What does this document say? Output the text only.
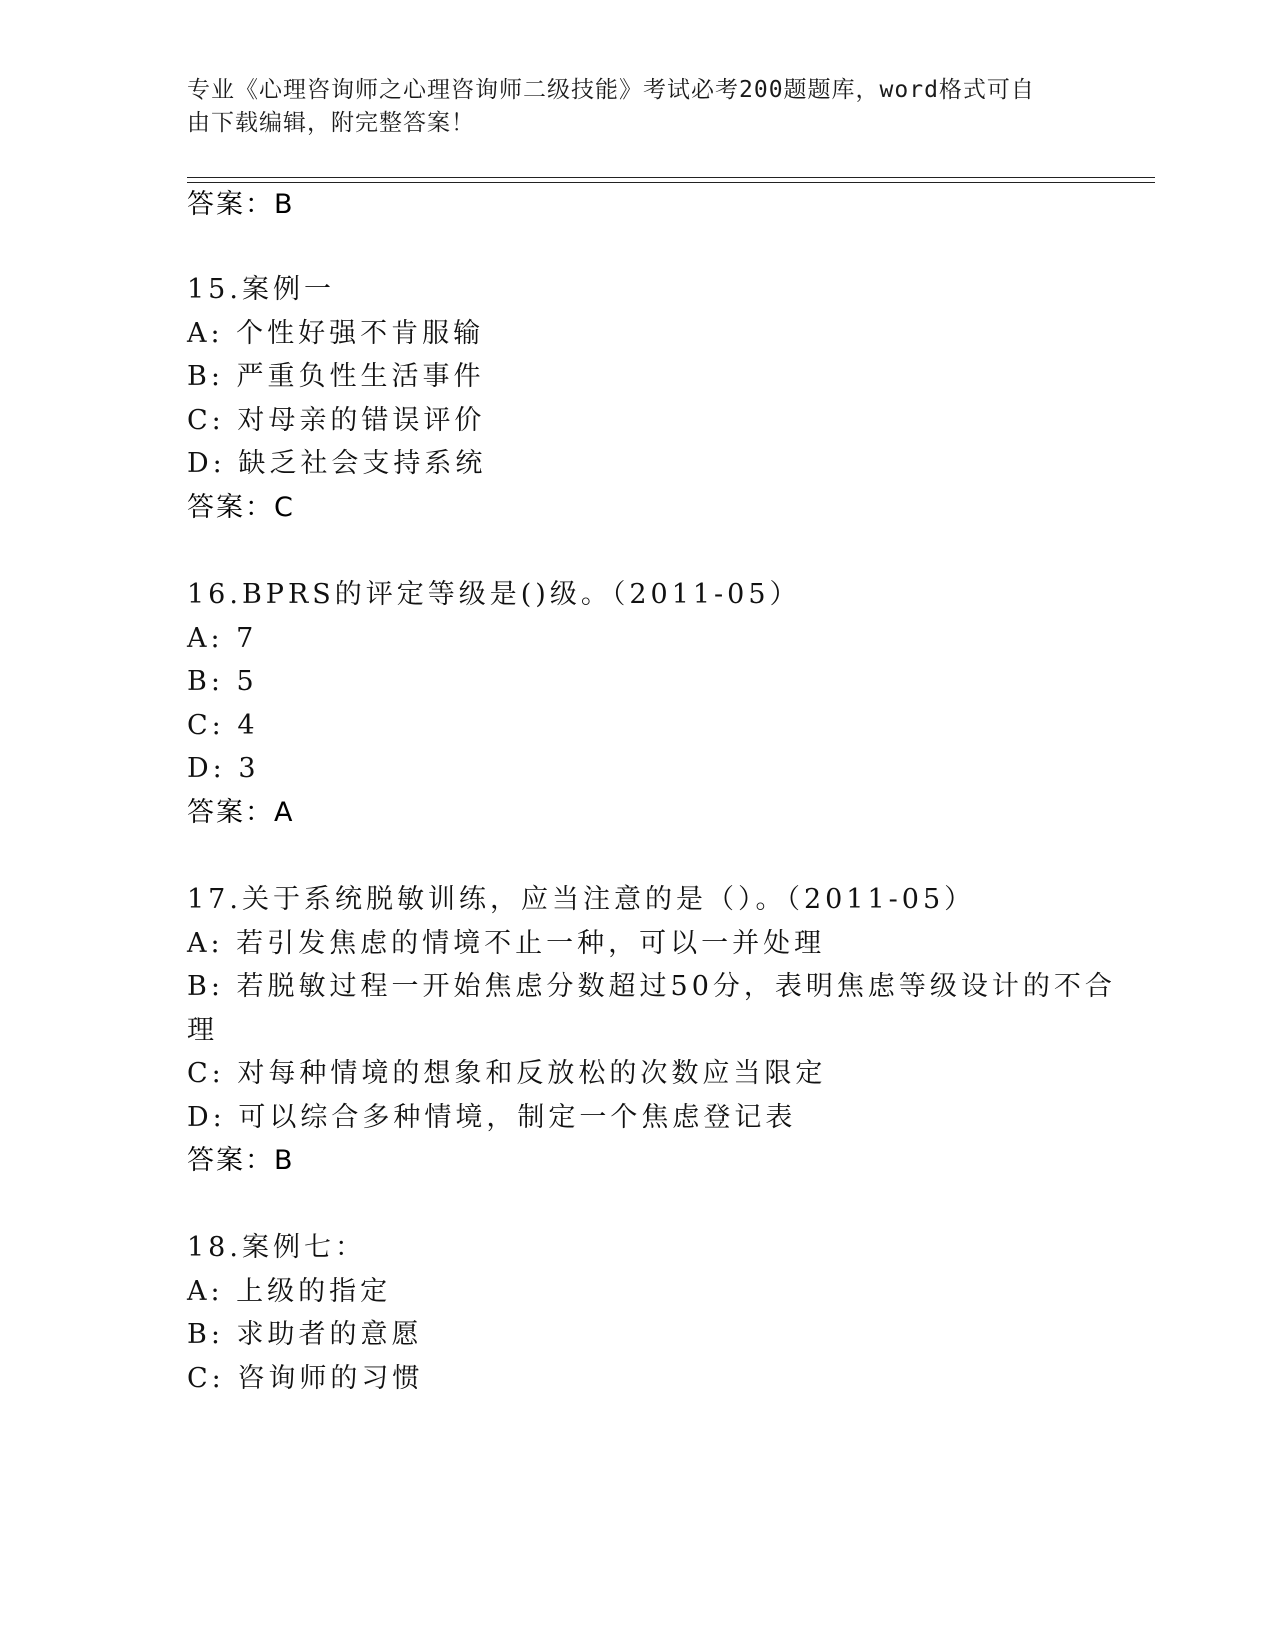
专业《心理咨询师之心理咨询师二级技能》考试必考200题题库，word格式可自
由下载编辑，附完整答案！
答案：B
15.案例一
A: 个性好强不肯服输
B: 严重负性生活事件
C: 对母亲的错误评价
D: 缺乏社会支持系统
答案：C
16.BPRS的评定等级是()级。（2011-05）
A: 7
B: 5
C: 4
D: 3
答案：A
17.关于系统脱敏训练，应当注意的是（）。（2011-05）
A: 若引发焦虑的情境不止一种，可以一并处理
B: 若脱敏过程一开始焦虑分数超过50分，表明焦虑等级设计的不合
理
C: 对每种情境的想象和反放松的次数应当限定
D: 可以综合多种情境，制定一个焦虑登记表
答案：B
18.案例七：
A: 上级的指定
B: 求助者的意愿
C: 咨询师的习惯
